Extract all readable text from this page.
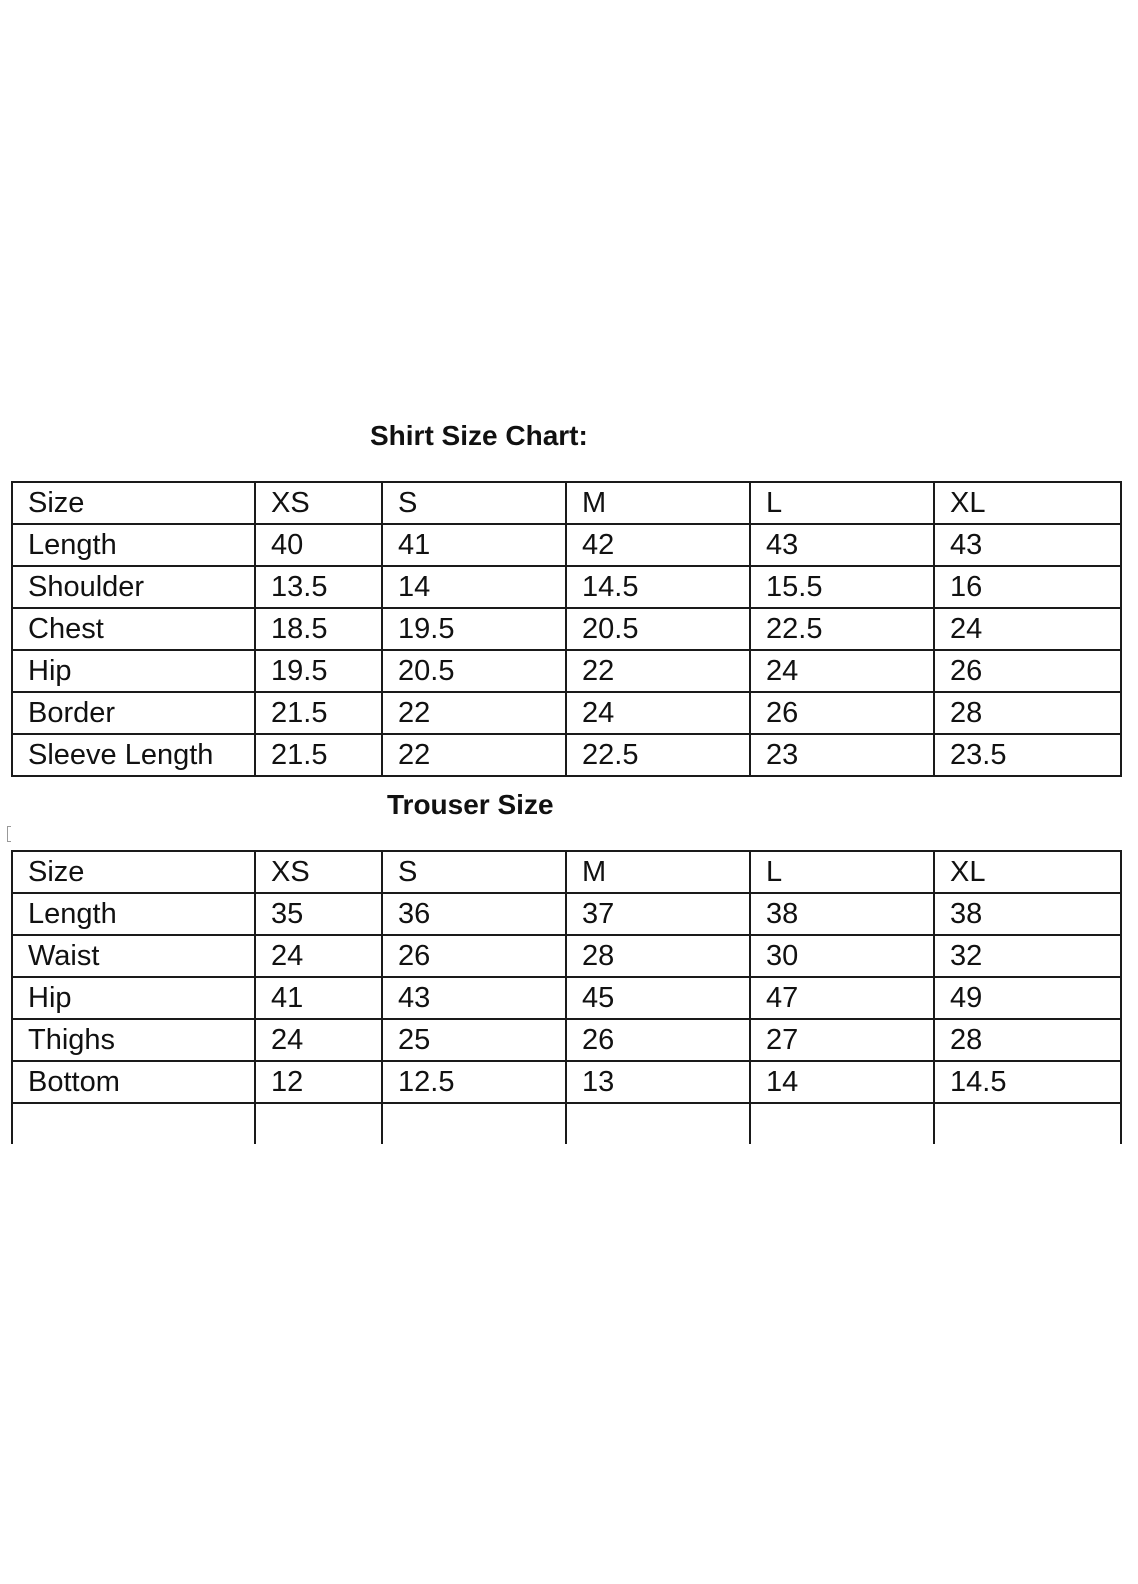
Shirt Size Chart:
Size	XS	S	M	L	XL
Length	40	41	42	43	43
Shoulder	13.5	14	14.5	15.5	16
Chest	18.5	19.5	20.5	22.5	24
Hip	19.5	20.5	22	24	26
Border	21.5	22	24	26	28
Sleeve Length	21.5	22	22.5	23	23.5
Trouser Size
Size	XS	S	M	L	XL
Length	35	36	37	38	38
Waist	24	26	28	30	32
Hip	41	43	45	47	49
Thighs	24	25	26	27	28
Bottom	12	12.5	13	14	14.5
